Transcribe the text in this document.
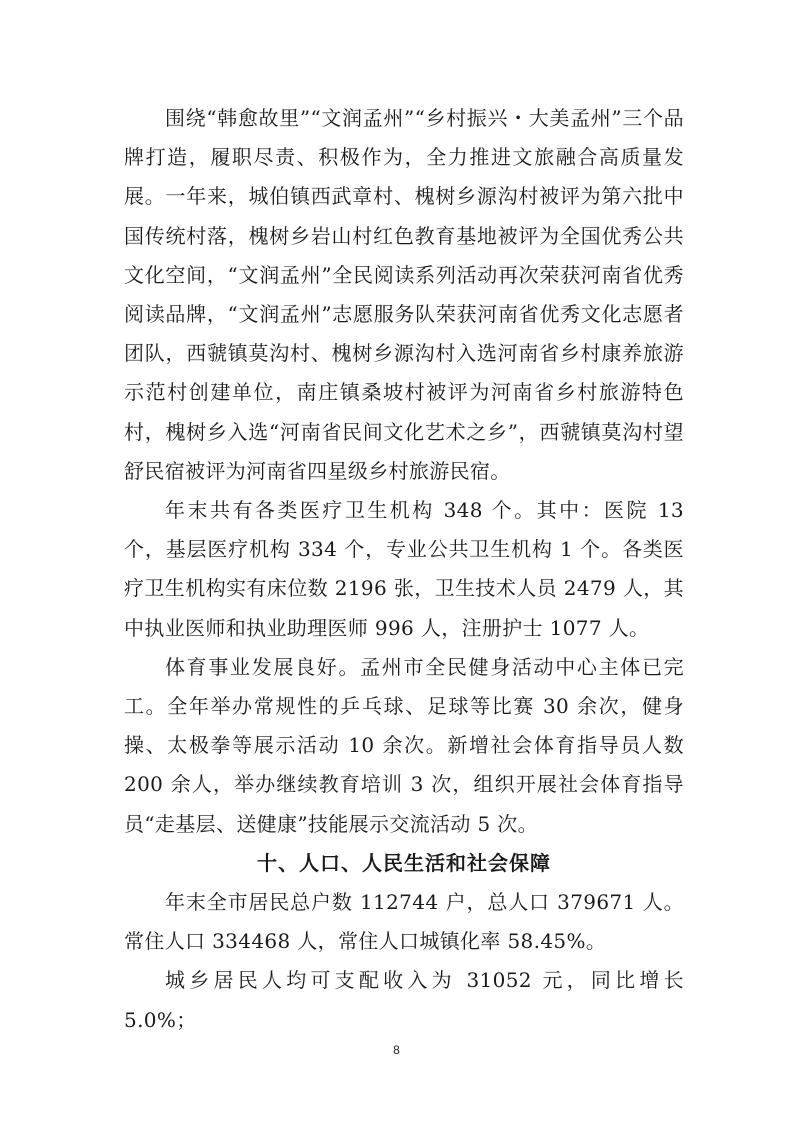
围绕“韩愈故里”“文润孟州”“乡村振兴・大美孟州”三个品牌打造，履职尽责、积极作为，全力推进文旅融合高质量发展。一年来，城伯镇西武章村、槐树乡源沟村被评为第六批中国传统村落，槐树乡岩山村红色教育基地被评为全国优秀公共文化空间，“文润孟州”全民阅读系列活动再次荣获河南省优秀阅读品牌，“文润孟州”志愿服务队荣获河南省优秀文化志愿者团队，西虢镇莫沟村、槐树乡源沟村入选河南省乡村康养旅游示范村创建单位，南庄镇桑坡村被评为河南省乡村旅游特色村，槐树乡入选“河南省民间文化艺术之乡”，西虢镇莫沟村望舒民宿被评为河南省四星级乡村旅游民宿。

年末共有各类医疗卫生机构 348 个。其中：医院 13 个，基层医疗机构 334 个，专业公共卫生机构 1 个。各类医疗卫生机构实有床位数 2196 张，卫生技术人员 2479 人，其中执业医师和执业助理医师 996 人，注册护士 1077 人。

体育事业发展良好。孟州市全民健身活动中心主体已完工。全年举办常规性的乒乓球、足球等比赛 30 余次，健身操、太极拳等展示活动 10 余次。新增社会体育指导员人数 200 余人，举办继续教育培训 3 次，组织开展社会体育指导员“走基层、送健康”技能展示交流活动 5 次。

十、人口、人民生活和社会保障

年末全市居民总户数 112744 户，总人口 379671 人。常住人口 334468 人，常住人口城镇化率 58.45%。

城乡居民人均可支配收入为 31052 元，同比增长 5.0%；

8
